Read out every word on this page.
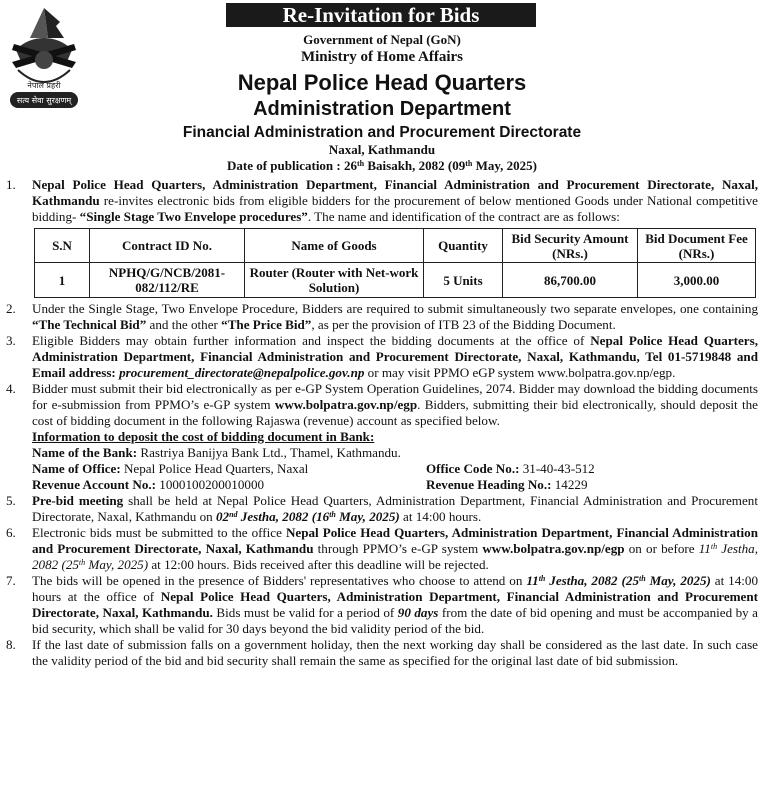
Re-Invitation for Bids
नेपाल प्रहरी
सत्य सेवा सुरक्षणम्
Government of Nepal (GoN)
Ministry of Home Affairs
Nepal Police Head Quarters
Administration Department
Financial Administration and Procurement Directorate
Naxal, Kathmandu
Date of publication : 26th Baisakh, 2082 (09th May, 2025)
1. Nepal Police Head Quarters, Administration Department, Financial Administration and Procurement Directorate, Naxal, Kathmandu re-invites electronic bids from eligible bidders for the procurement of below mentioned Goods under National competitive bidding- “Single Stage Two Envelope procedures”. The name and identification of the contract are as follows:
S.N	Contract ID No.	Name of Goods	Quantity	Bid Security Amount (NRs.)	Bid Document Fee (NRs.)
1	NPHQ/G/NCB/2081-082/112/RE	Router (Router with Net-work Solution)	5 Units	86,700.00	3,000.00
2. Under the Single Stage, Two Envelope Procedure, Bidders are required to submit simultaneously two separate envelopes, one containing “The Technical Bid” and the other “The Price Bid”, as per the provision of ITB 23 of the Bidding Document.
3. Eligible Bidders may obtain further information and inspect the bidding documents at the office of Nepal Police Head Quarters, Administration Department, Financial Administration and Procurement Directorate, Naxal, Kathmandu, Tel 01-5719848 and Email address: procurement_directorate@nepalpolice.gov.np or may visit PPMO eGP system www.bolpatra.gov.np/egp.
4. Bidder must submit their bid electronically as per e-GP System Operation Guidelines, 2074. Bidder may download the bidding documents for e-submission from PPMO’s e-GP system www.bolpatra.gov.np/egp. Bidders, submitting their bid electronically, should deposit the cost of bidding document in the following Rajaswa (revenue) account as specified below.
Information to deposit the cost of bidding document in Bank:
Name of the Bank: Rastriya Banijya Bank Ltd., Thamel, Kathmandu.
Name of Office: Nepal Police Head Quarters, Naxal	Office Code No.: 31-40-43-512
Revenue Account No.: 1000100200010000	Revenue Heading No.: 14229
5. Pre-bid meeting shall be held at Nepal Police Head Quarters, Administration Department, Financial Administration and Procurement Directorate, Naxal, Kathmandu on 02nd Jestha, 2082 (16th May, 2025) at 14:00 hours.
6. Electronic bids must be submitted to the office Nepal Police Head Quarters, Administration Department, Financial Administration and Procurement Directorate, Naxal, Kathmandu through PPMO’s e-GP system www.bolpatra.gov.np/egp on or before 11th Jestha, 2082 (25th May, 2025) at 12:00 hours. Bids received after this deadline will be rejected.
7. The bids will be opened in the presence of Bidders' representatives who choose to attend on 11th Jestha, 2082 (25th May, 2025) at 14:00 hours at the office of Nepal Police Head Quarters, Administration Department, Financial Administration and Procurement Directorate, Naxal, Kathmandu. Bids must be valid for a period of 90 days from the date of bid opening and must be accompanied by a bid security, which shall be valid for 30 days beyond the bid validity period of the bid.
8. If the last date of submission falls on a government holiday, then the next working day shall be considered as the last date. In such case the validity period of the bid and bid security shall remain the same as specified for the original last date of bid submission.
